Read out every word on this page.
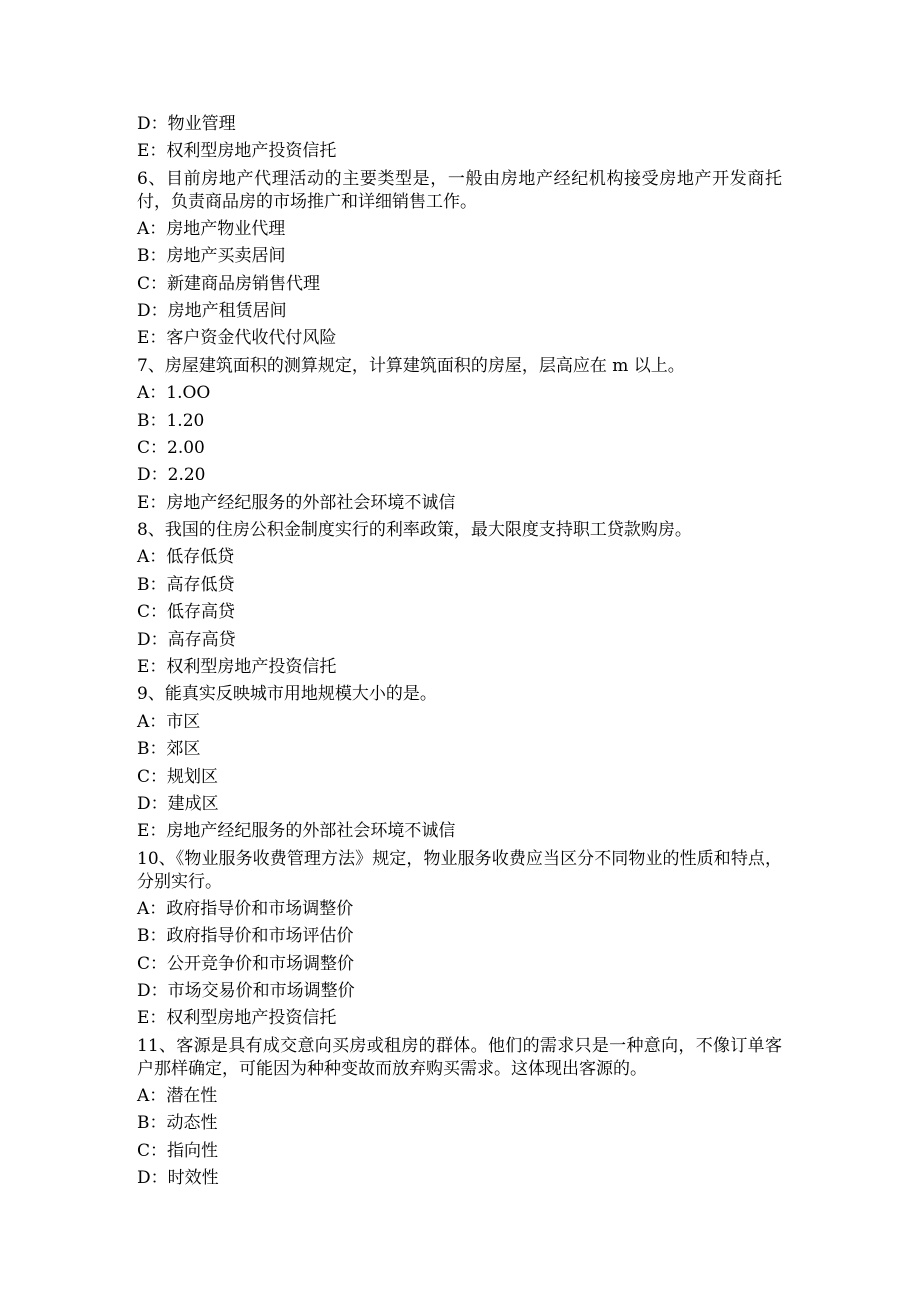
D：物业管理
E：权利型房地产投资信托
6、目前房地产代理活动的主要类型是，一般由房地产经纪机构接受房地产开发商托付，负责商品房的市场推广和详细销售工作。
A：房地产物业代理
B：房地产买卖居间
C：新建商品房销售代理
D：房地产租赁居间
E：客户资金代收代付风险
7、房屋建筑面积的测算规定，计算建筑面积的房屋，层高应在 m 以上。
A：1.OO
B：1.20
C：2.00
D：2.20
E：房地产经纪服务的外部社会环境不诚信
8、我国的住房公积金制度实行的利率政策，最大限度支持职工贷款购房。
A：低存低贷
B：高存低贷
C：低存高贷
D：高存高贷
E：权利型房地产投资信托
9、能真实反映城市用地规模大小的是。
A：市区
B：郊区
C：规划区
D：建成区
E：房地产经纪服务的外部社会环境不诚信
10、《物业服务收费管理方法》规定，物业服务收费应当区分不同物业的性质和特点，分别实行。
A：政府指导价和市场调整价
B：政府指导价和市场评估价
C：公开竞争价和市场调整价
D：市场交易价和市场调整价
E：权利型房地产投资信托
11、客源是具有成交意向买房或租房的群体。他们的需求只是一种意向，不像订单客户那样确定，可能因为种种变故而放弃购买需求。这体现出客源的。
A：潜在性
B：动态性
C：指向性
D：时效性
